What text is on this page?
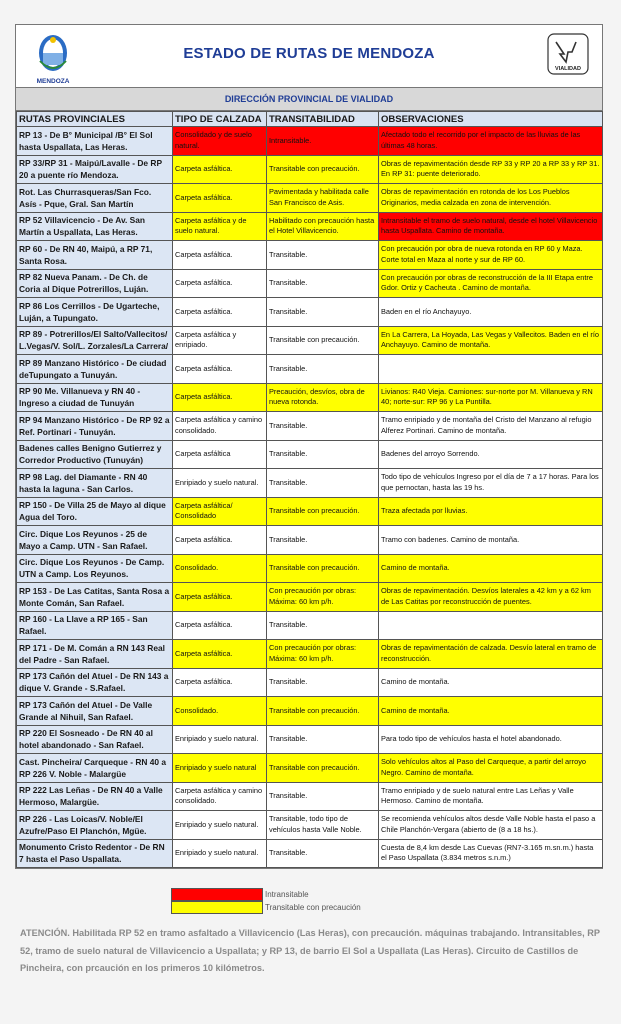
MENDOZA
ESTADO DE RUTAS DE MENDOZA
VIALIDAD
DIRECCIÓN PROVINCIAL DE VIALIDAD
RUTAS PROVINCIALES	TIPO DE CALZADA	TRANSITABILIDAD	OBSERVACIONES
RP 13 - De B° Municipal /B° El Sol hasta Uspallata, Las Heras.	Consolidado y de suelo natural.	Intransitable.	Afectado todo el recorrido por el impacto de las lluvias de las últimas 48 horas.
RP 33/RP 31 - Maipú/Lavalle - De RP 20 a puente río Mendoza.	Carpeta asfáltica.	Transitable con precaución.	Obras de repavimentación desde RP 33 y RP 20 a RP 33 y RP 31. En RP 31: puente deteriorado.
Rot. Las Churrasqueras/San Fco. Asís - Pque, Gral. San Martín	Carpeta asfáltica.	Pavimentada y habilitada calle San Francisco de Asis.	Obras de repavimentación en rotonda de los Los Pueblos Originarios, media calzada en zona de intervención.
RP 52 Villavicencio - De Av. San Martín a Uspallata, Las Heras.	Carpeta asfáltica y de suelo natural.	Habilitado con precaución hasta el Hotel Villavicencio.	Intransitable el tramo de suelo natural, desde el hotel Villavicencio hasta Uspallata. Camino de montaña.
RP 60 - De RN 40, Maipú, a RP 71, Santa Rosa.	Carpeta asfáltica.	Transitable.	Con precaución por obra de nueva rotonda en RP 60 y Maza. Corte total en Maza al norte y sur de RP 60.
RP 82 Nueva Panam. - De Ch. de Coria al Dique Potrerillos, Luján.	Carpeta asfáltica.	Transitable.	Con precaución por obras de reconstrucción de la III Etapa entre Gdor. Ortiz y Cacheuta . Camino de montaña.
RP 86 Los Cerrillos - De Ugarteche, Luján, a Tupungato.	Carpeta asfáltica.	Transitable.	Baden en el río Anchayuyo.
RP 89 - Potrerillos/El Salto/Vallecitos/ L.Vegas/V. Sol/L. Zorzales/La Carrera/	Carpeta asfáltica y enripiado.	Transitable con precaución.	En La Carrera, La Hoyada, Las Vegas y Vallecitos. Baden en el río Anchayuyo. Camino de montaña.
RP 89 Manzano Histórico - De ciudad deTupungato a Tunuyán.	Carpeta asfáltica.	Transitable.	
RP 90 Me. Villanueva y RN 40 - Ingreso a ciudad de Tunuyán	Carpeta asfáltica.	Precaución, desvíos, obra de nueva rotonda.	Livianos: R40 Vieja. Camiones: sur-norte por M. Villanueva y RN 40; norte-sur: RP 96 y La Puntilla.
RP 94 Manzano Histórico - De RP 92 a Ref. Portinari - Tunuyán.	Carpeta asfáltica y camino consolidado.	Transitable.	Tramo enripiado y de montaña del Cristo del Manzano al refugio Alferez Portinari. Camino de montaña.
Badenes calles Benigno Gutierrez y Corredor Productivo (Tunuyán)	Carpeta asfáltica	Transitable.	Badenes del arroyo Sorrendo.
RP 98 Lag. del Diamante - RN 40 hasta la laguna - San Carlos.	Enripiado y suelo natural.	Transitable.	Todo tipo de vehículos Ingreso por el día de 7 a 17 horas. Para los que pernoctan, hasta las 19 hs.
RP 150 - De Villa 25 de Mayo al dique Agua del Toro.	Carpeta asfáltica/ Consolidado	Transitable con precaución.	Traza afectada por lluvias.
Circ. Dique Los Reyunos - 25 de Mayo a Camp. UTN - San Rafael.	Carpeta asfáltica.	Transitable.	Tramo con badenes. Camino de montaña.
Circ. Dique Los Reyunos - De Camp. UTN a Camp. Los Reyunos.	Consolidado.	Transitable con precaución.	Camino de montaña.
RP 153 - De Las Catitas, Santa Rosa a Monte Comán, San Rafael.	Carpeta asfáltica.	Con precaución por obras: Máxima: 60 km p/h.	Obras de repavimentación. Desvíos laterales a 42 km y a 62 km de Las Catitas por reconstrucción de puentes.
RP 160 - La Llave a RP 165 - San Rafael.	Carpeta asfáltica.	Transitable.	
RP 171 - De M. Comán a RN 143 Real del Padre - San Rafael.	Carpeta asfáltica.	Con precaución por obras: Máxima: 60 km p/h.	Obras de repavimentación de calzada. Desvío lateral en tramo de reconstrucción.
RP 173 Cañón del Atuel - De RN 143 a dique V. Grande - S.Rafael.	Carpeta asfáltica.	Transitable.	Camino de montaña.
RP 173 Cañón del Atuel - De Valle Grande al Nihuil, San Rafael.	Consolidado.	Transitable con precaución.	Camino de montaña.
RP 220 El Sosneado - De RN 40 al hotel abandonado - San Rafael.	Enripiado y suelo natural.	Transitable.	Para todo tipo de vehículos hasta el hotel abandonado.
Cast. Pincheira/ Carqueque - RN 40 a RP 226 V. Noble - Malargüe	Enripiado y suelo natural	Transitable con precaución.	Solo vehículos altos al Paso del Carqueque, a partir del arroyo Negro. Camino de montaña.
RP 222 Las Leñas - De RN 40 a Valle Hermoso, Malargüe.	Carpeta asfáltica y camino consolidado.	Transitable.	Tramo enripiado y de suelo natural entre Las Leñas y Valle Hermoso. Camino de montaña.
RP 226 - Las Loicas/V. Noble/El Azufre/Paso El Planchón, Mgüe.	Enripiado y suelo natural.	Transitable, todo tipo de vehículos hasta Valle Noble.	Se recomienda vehículos altos desde Valle Noble hasta el paso a Chile Planchón-Vergara (abierto de (8 a 18 hs.).
Monumento Cristo Redentor - De RN 7 hasta el Paso Uspallata.	Enripiado y suelo natural.	Transitable.	Cuesta de 8,4 km desde Las Cuevas (RN7-3.165 m.sn.m.) hasta el Paso Uspallata (3.834 metros s.n.m.)
Intransitable
Transitable con precaución
ATENCIÓN. Habilitada RP 52 en tramo asfaltado a Villavicencio (Las Heras), con precaución. máquinas trabajando. Intransitables, RP 52, tramo de suelo natural de Villavicencio a Uspallata; y RP 13, de barrio El Sol a Uspallata (Las Heras). Circuito de Castillos de Pincheira, con prcaución en los primeros 10 kilómetros.
